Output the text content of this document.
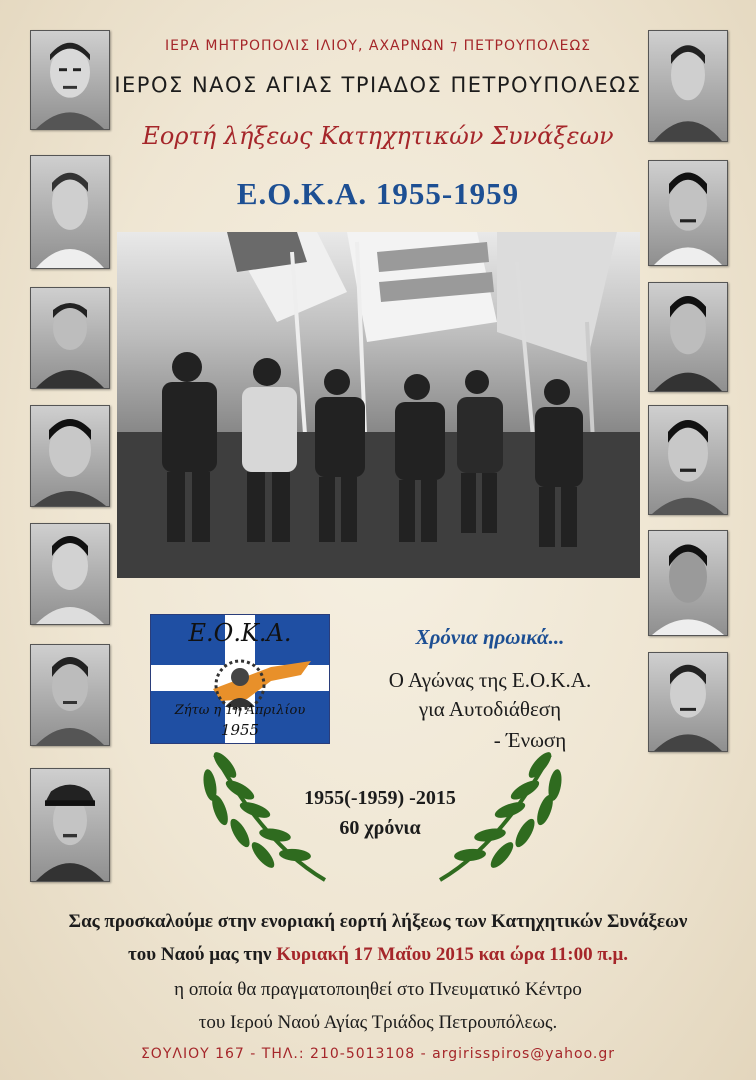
ΙΕΡΑ ΜΗΤΡΟΠΟΛΙΣ ΙΛΙΟΥ, ΑΧΑΡΝΩΝ ⁊ ΠΕΤΡΟΥΠΟΛΕΩΣ
ΙΕΡΟΣ ΝΑΟΣ ΑΓΙΑΣ ΤΡΙΑΔΟΣ ΠΕΤΡΟΥΠΟΛΕΩΣ
Εορτή λήξεως Κατηχητικών Συνάξεων
Ε.Ο.Κ.Α. 1955-1959
Ε.Ο.Κ.Α.
Ζήτω η 1η Απριλίου
1955
Χρόνια ηρωικά...
Ο Αγώνας της Ε.Ο.Κ.Α.
για Αυτοδιάθεση
- Ένωση
1955(-1959) -2015
60 χρόνια
Σας προσκαλούμε στην ενοριακή εορτή λήξεως των Κατηχητικών Συνάξεων
του Ναού μας την Κυριακή 17 Μαΐου 2015 και ώρα 11:00 π.μ.
η οποία θα πραγματοποιηθεί στο Πνευματικό Κέντρο
του Ιερού Ναού Αγίας Τριάδος Πετρουπόλεως.
ΣΟΥΛΙΟΥ 167 - ΤΗΛ.: 210-5013108 - argirisspiros@yahoo.gr
